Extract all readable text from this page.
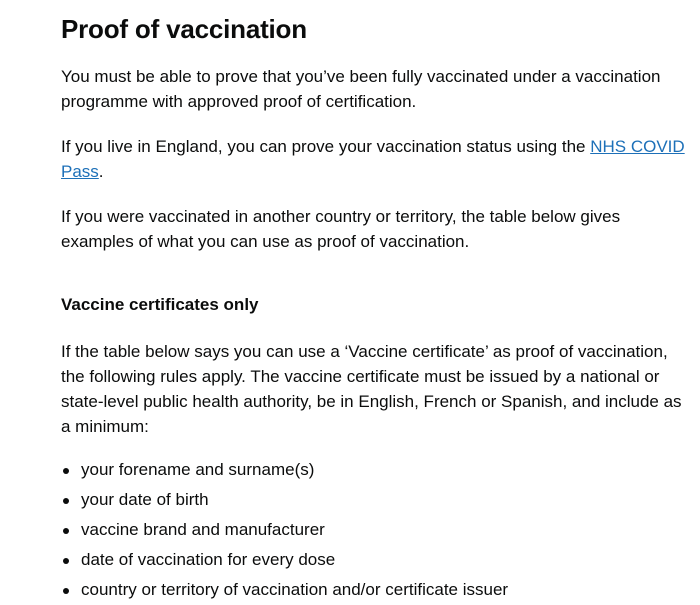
Proof of vaccination

You must be able to prove that you’ve been fully vaccinated under a vaccination programme with approved proof of certification.

If you live in England, you can prove your vaccination status using the NHS COVID Pass.

If you were vaccinated in another country or territory, the table below gives examples of what you can use as proof of vaccination.

Vaccine certificates only

If the table below says you can use a ‘Vaccine certificate’ as proof of vaccination, the following rules apply. The vaccine certificate must be issued by a national or state-level public health authority, be in English, French or Spanish, and include as a minimum:

your forename and surname(s)
your date of birth
vaccine brand and manufacturer
date of vaccination for every dose
country or territory of vaccination and/or certificate issuer
